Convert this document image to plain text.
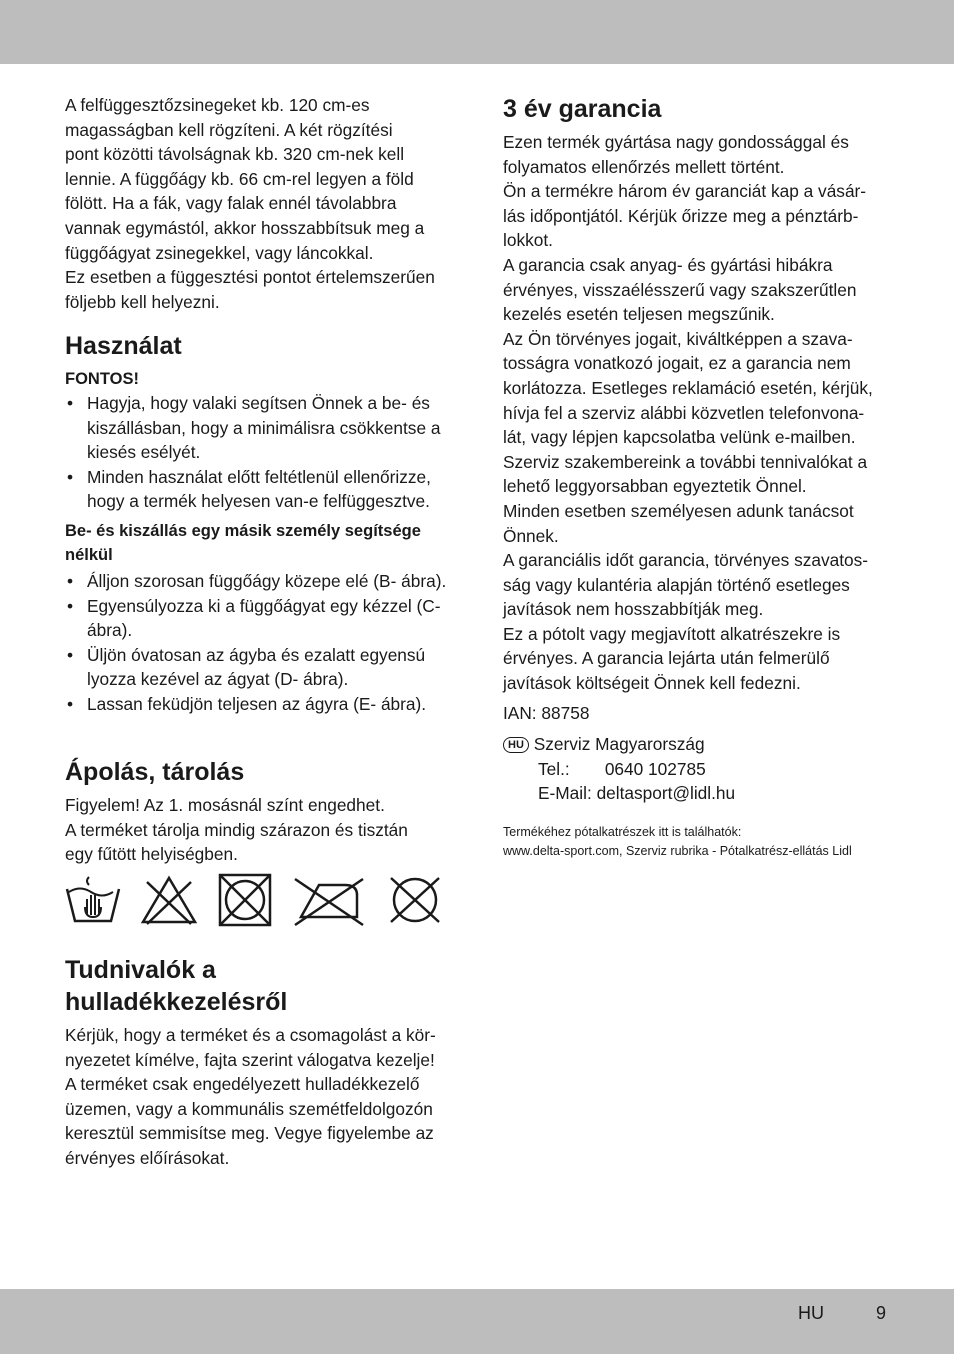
A felfüggesztőzsinegeket kb. 120 cm-es

magasságban kell rögzíteni. A két rögzítési

pont közötti távolságnak kb. 320 cm-nek kell

lennie. A függőágy kb. 66 cm-rel legyen a föld

fölött. Ha a fák, vagy falak ennél távolabbra

vannak egymástól, akkor hosszabbítsuk meg a

függőágyat zsinegekkel, vagy láncokkal.

Ez esetben a függesztési pontot értelemszerűen

följebb kell helyezni.

Használat
FONTOS!
• Hagyja, hogy valaki segítsen Önnek a be- és kiszállásban, hogy a minimálisra csökkentse a kiesés esélyét.
• Minden használat előtt feltétlenül ellenőrizze, hogy a termék helyesen van-e felfüggesztve.
Be- és kiszállás egy másik személy segítsége nélkül
• Álljon szorosan függőágy közepe elé (B- ábra).
• Egyensúlyozza ki a függőágyat egy kézzel (C- ábra).
• Üljön óvatosan az ágyba és ezalatt egyensú lyozza kezével az ágyat (D- ábra).
• Lassan feküdjön teljesen az ágyra (E- ábra).
Ápolás, tárolás

Figyelem! Az 1. mosásnál színt engedhet.

A terméket tárolja mindig szárazon és tisztán

egy fűtött helyiségben.

Tudnivalók a
hulladékkezelésről

Kérjük, hogy a terméket és a csomagolást a kör-

nyezetet kímélve, fajta szerint válogatva kezelje!

A terméket csak engedélyezett hulladékkezelő

üzemen, vagy a kommunális szemétfeldolgozón

keresztül semmisítse meg. Vegye figyelembe az

érvényes előírásokat.

3 év garancia

Ezen termék gyártása nagy gondossággal és

folyamatos ellenőrzés mellett történt.

Ön a termékre három év garanciát kap a vásár-

lás időpontjától. Kérjük őrizze meg a pénztárb-

lokkot.

A garancia csak anyag- és gyártási hibákra

érvényes, visszaélésszerű vagy szakszerűtlen

kezelés esetén teljesen megszűnik.

Az Ön törvényes jogait, kiváltképpen a szava-

tosságra vonatkozó jogait, ez a garancia nem

korlátozza. Esetleges reklamáció esetén, kérjük,

hívja fel a szerviz alábbi közvetlen telefonvona-

lát, vagy lépjen kapcsolatba velünk e-mailben.

Szerviz szakembereink a további tennivalókat a

lehető leggyorsabban egyeztetik Önnel.

Minden esetben személyesen adunk tanácsot

Önnek.

A garanciális időt garancia, törvényes szavatos-

ság vagy kulantéria alapján történő esetleges

javítások nem hosszabbítják meg.

Ez a pótolt vagy megjavított alkatrészekre is

érvényes. A garancia lejárta után felmerülő

javítások költségeit Önnek kell fedezni.

IAN: 88758

HU Szerviz Magyarország

Tel.: 0640 102785

E-Mail: deltasport@lidl.hu

Termékéhez pótalkatrészek itt is találhatók:

www.delta-sport.com, Szerviz rubrika - Pótalkatrész-ellátás Lidl

HU	9
